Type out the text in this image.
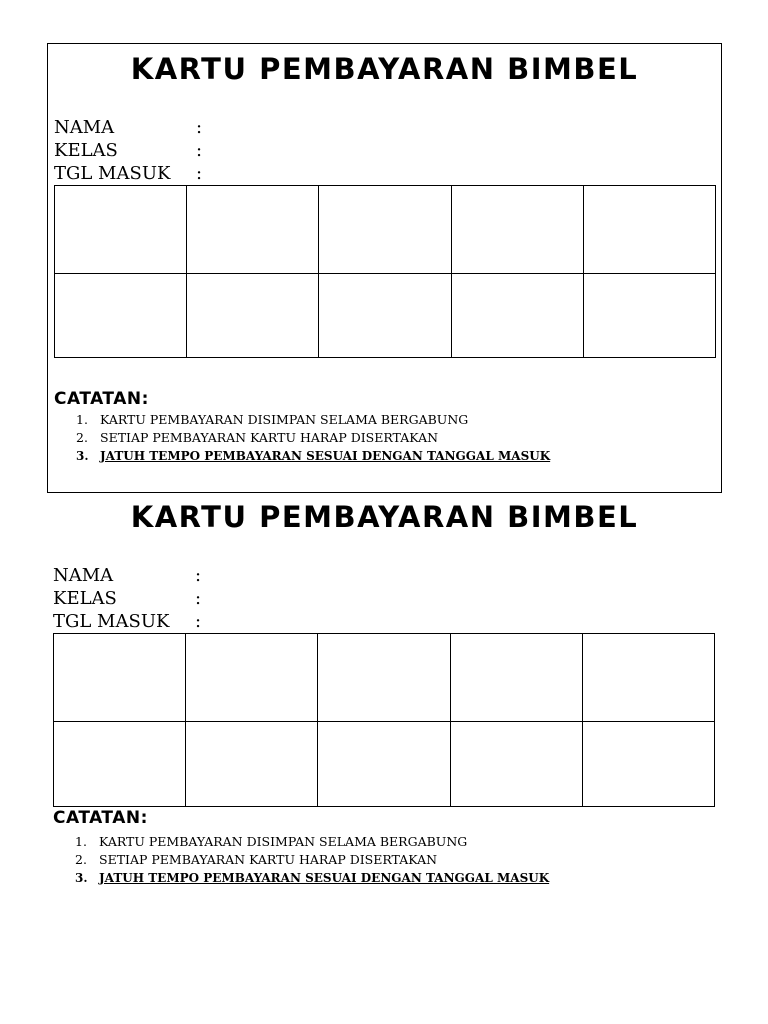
KARTU PEMBAYARAN BIMBEL
NAMA	:
KELAS	:
TGL MASUK :

CATATAN:
1. KARTU PEMBAYARAN DISIMPAN SELAMA BERGABUNG
2. SETIAP PEMBAYARAN KARTU HARAP DISERTAKAN
3. JATUH TEMPO PEMBAYARAN SESUAI DENGAN TANGGAL MASUK
KARTU PEMBAYARAN BIMBEL
NAMA	:
KELAS	:
TGL MASUK :

CATATAN:
1. KARTU PEMBAYARAN DISIMPAN SELAMA BERGABUNG
2. SETIAP PEMBAYARAN KARTU HARAP DISERTAKAN
3. JATUH TEMPO PEMBAYARAN SESUAI DENGAN TANGGAL MASUK
